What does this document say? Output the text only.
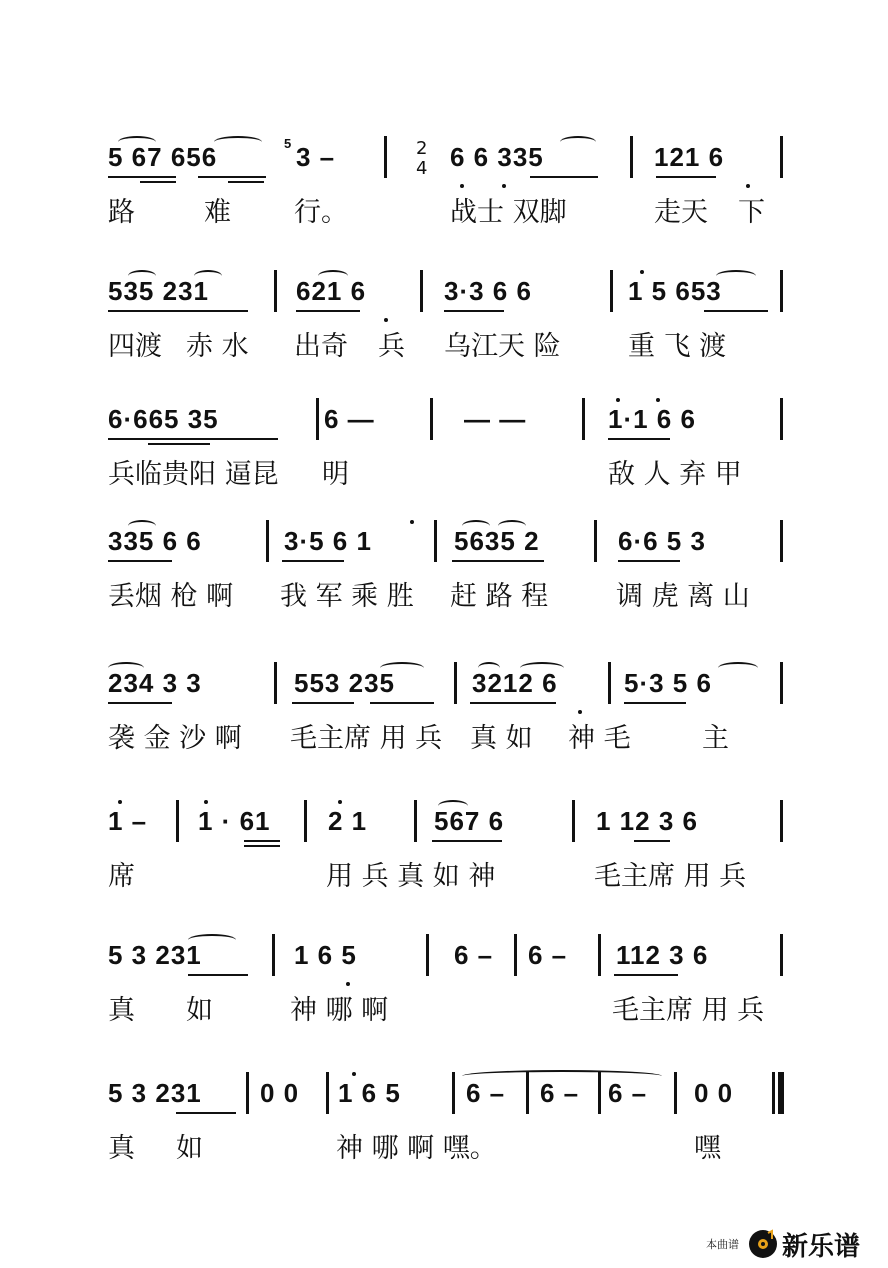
5 67 656	5 3 –	2
4 6 6 335	121 6
路	难 行。	战士 双脚	走天 下
535 231	621 6	3·3 6 6	1 5 653
四渡 赤 水 出奇 兵 乌江天 险 重 飞 渡
6·665 35	6 —	— —	1·1 6 6
兵临贵阳 逼昆 明	敌 人 弃 甲
335 6 6	3·5 6 1	5635 2	6·6 5 3
丢烟 枪 啊 我 军 乘 胜 赶 路 程	调 虎 离 山
234 3 3	553 235	3212 6	5·3 5 6
袭 金 沙 啊 毛主席 用 兵 真 如 神 毛	主
1 – 1 · 61 2 1	567 6	1 12 3 6
席	用 兵 真 如 神	毛主席 用 兵
5 3 231	1 6 5	6 – 6 – 112 3 6
真 如	神 哪 啊	毛主席 用 兵
5 3 231 0 0 1 6 5	6 – 6 – 6 – 0 0
真 如	神 哪 啊 嘿。	嘿
本曲谱 新乐谱
